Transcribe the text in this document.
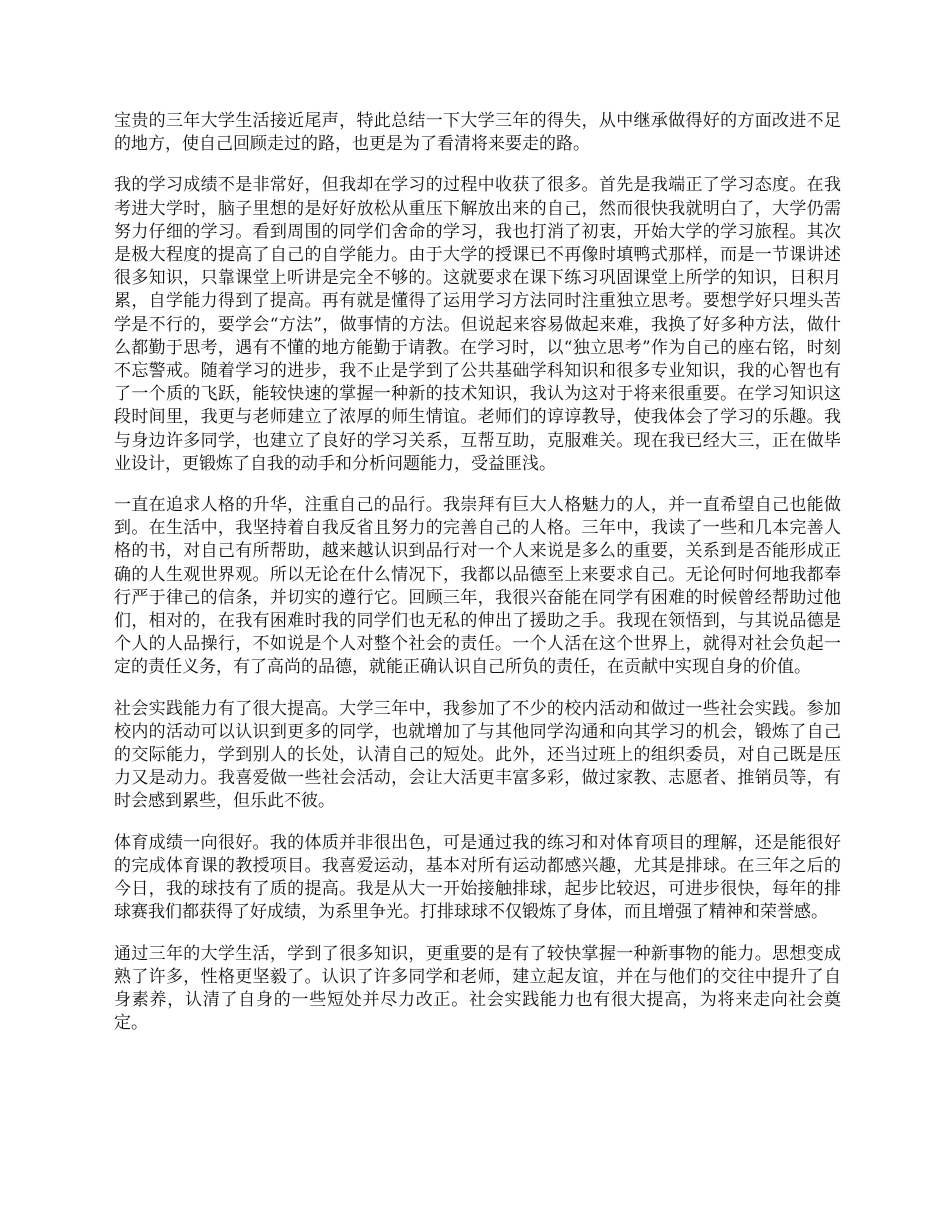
宝贵的三年大学生活接近尾声，特此总结一下大学三年的得失，从中继承做得好的方面改进不足的地方，使自己回顾走过的路，也更是为了看清将来要走的路。

我的学习成绩不是非常好，但我却在学习的过程中收获了很多。首先是我端正了学习态度。在我考进大学时，脑子里想的是好好放松从重压下解放出来的自己，然而很快我就明白了，大学仍需努力仔细的学习。看到周围的同学们舍命的学习，我也打消了初衷，开始大学的学习旅程。其次是极大程度的提高了自己的自学能力。由于大学的授课已不再像时填鸭式那样，而是一节课讲述很多知识，只靠课堂上听讲是完全不够的。这就要求在课下练习巩固课堂上所学的知识，日积月累，自学能力得到了提高。再有就是懂得了运用学习方法同时注重独立思考。要想学好只埋头苦学是不行的，要学会“方法”，做事情的方法。但说起来容易做起来难，我换了好多种方法，做什么都勤于思考，遇有不懂的地方能勤于请教。在学习时，以“独立思考”作为自己的座右铭，时刻不忘警戒。随着学习的进步，我不止是学到了公共基础学科知识和很多专业知识，我的心智也有了一个质的飞跃，能较快速的掌握一种新的技术知识，我认为这对于将来很重要。在学习知识这段时间里，我更与老师建立了浓厚的师生情谊。老师们的谆谆教导，使我体会了学习的乐趣。我与身边许多同学，也建立了良好的学习关系，互帮互助，克服难关。现在我已经大三，正在做毕业设计，更锻炼了自我的动手和分析问题能力，受益匪浅。

一直在追求人格的升华，注重自己的品行。我崇拜有巨大人格魅力的人，并一直希望自己也能做到。在生活中，我坚持着自我反省且努力的完善自己的人格。三年中，我读了一些和几本完善人格的书，对自己有所帮助，越来越认识到品行对一个人来说是多么的重要，关系到是否能形成正确的人生观世界观。所以无论在什么情况下，我都以品德至上来要求自己。无论何时何地我都奉行严于律己的信条，并切实的遵行它。回顾三年，我很兴奋能在同学有困难的时候曾经帮助过他们，相对的，在我有困难时我的同学们也无私的伸出了援助之手。我现在领悟到，与其说品德是个人的人品操行，不如说是个人对整个社会的责任。一个人活在这个世界上，就得对社会负起一定的责任义务，有了高尚的品德，就能正确认识自己所负的责任，在贡献中实现自身的价值。

社会实践能力有了很大提高。大学三年中，我参加了不少的校内活动和做过一些社会实践。参加校内的活动可以认识到更多的同学，也就增加了与其他同学沟通和向其学习的机会，锻炼了自己的交际能力，学到别人的长处，认清自己的短处。此外，还当过班上的组织委员，对自己既是压力又是动力。我喜爱做一些社会活动，会让大活更丰富多彩，做过家教、志愿者、推销员等，有时会感到累些，但乐此不彼。

体育成绩一向很好。我的体质并非很出色，可是通过我的练习和对体育项目的理解，还是能很好的完成体育课的教授项目。我喜爱运动，基本对所有运动都感兴趣，尤其是排球。在三年之后的今日，我的球技有了质的提高。我是从大一开始接触排球，起步比较迟，可进步很快，每年的排球赛我们都获得了好成绩，为系里争光。打排球球不仅锻炼了身体，而且增强了精神和荣誉感。

通过三年的大学生活，学到了很多知识，更重要的是有了较快掌握一种新事物的能力。思想变成熟了许多，性格更坚毅了。认识了许多同学和老师，建立起友谊，并在与他们的交往中提升了自身素养，认清了自身的一些短处并尽力改正。社会实践能力也有很大提高，为将来走向社会奠定。
